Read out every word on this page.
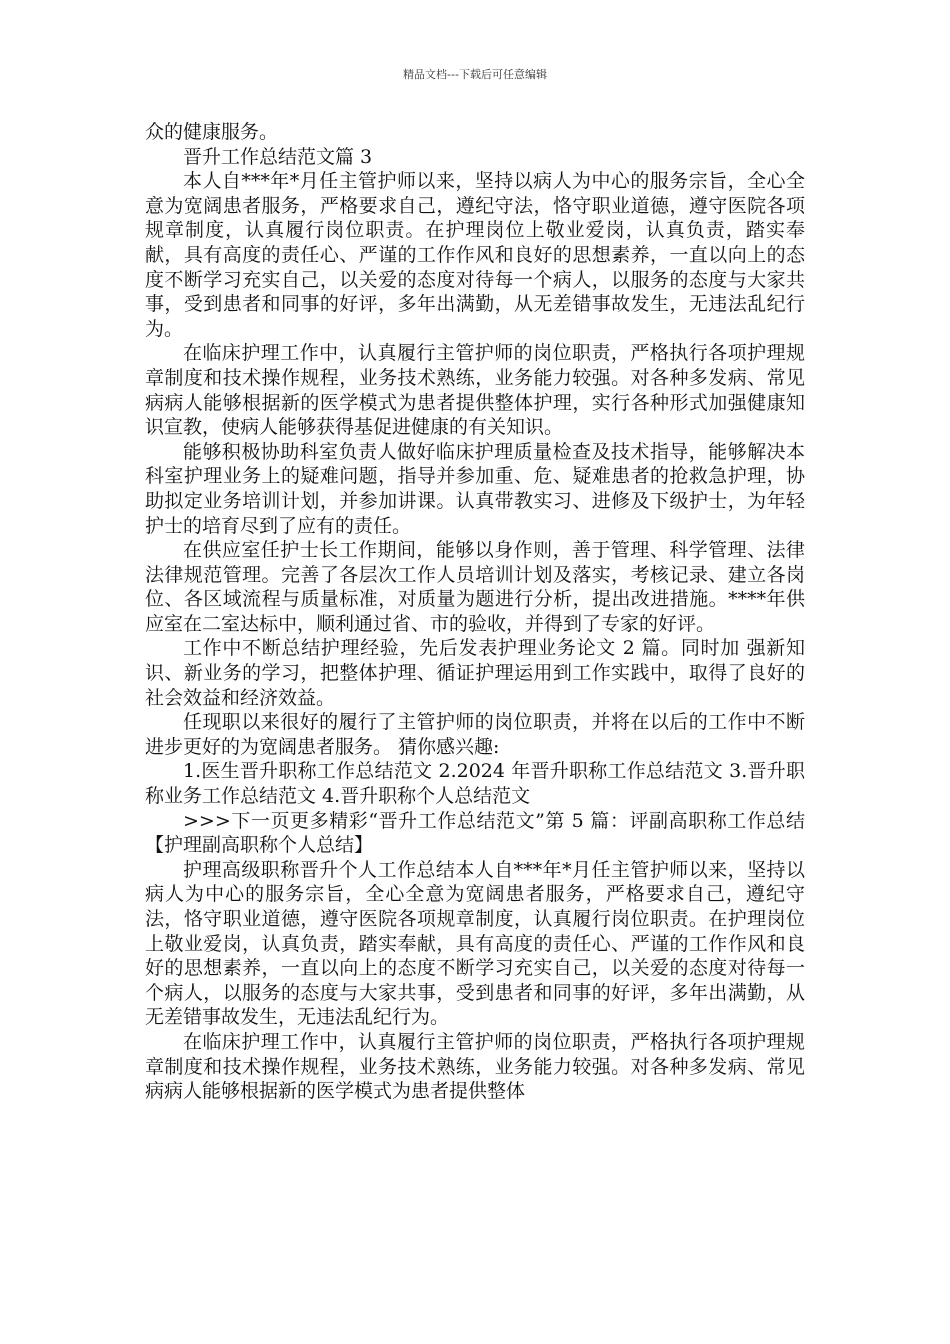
精品文档---下载后可任意编辑

众的健康服务。

晋升工作总结范文篇 3

本人自***年*月任主管护师以来，坚持以病人为中心的服务宗旨，全心全意为宽阔患者服务，严格要求自己，遵纪守法，恪守职业道德，遵守医院各项规章制度，认真履行岗位职责。在护理岗位上敬业爱岗，认真负责，踏实奉献，具有高度的责任心、严谨的工作作风和良好的思想素养，一直以向上的态度不断学习充实自己，以关爱的态度对待每一个病人，以服务的态度与大家共事，受到患者和同事的好评，多年出满勤，从无差错事故发生，无违法乱纪行为。

在临床护理工作中，认真履行主管护师的岗位职责，严格执行各项护理规章制度和技术操作规程，业务技术熟练，业务能力较强。对各种多发病、常见病病人能够根据新的医学模式为患者提供整体护理，实行各种形式加强健康知识宣教，使病人能够获得基促进健康的有关知识。

能够积极协助科室负责人做好临床护理质量检查及技术指导，能够解决本科室护理业务上的疑难问题，指导并参加重、危、疑难患者的抢救急护理，协助拟定业务培训计划，并参加讲课。认真带教实习、进修及下级护士，为年轻护士的培育尽到了应有的责任。

在供应室任护士长工作期间，能够以身作则，善于管理、科学管理、法律法律规范管理。完善了各层次工作人员培训计划及落实，考核记录、建立各岗位、各区域流程与质量标准，对质量为题进行分析，提出改进措施。****年供应室在二室达标中，顺利通过省、市的验收，并得到了专家的好评。

工作中不断总结护理经验，先后发表护理业务论文 2 篇。同时加 强新知识、新业务的学习，把整体护理、循证护理运用到工作实践中，取得了良好的社会效益和经济效益。

任现职以来很好的履行了主管护师的岗位职责，并将在以后的工作中不断进步更好的为宽阔患者服务。 猜你感兴趣:

1.医生晋升职称工作总结范文 2.2024 年晋升职称工作总结范文 3.晋升职称业务工作总结范文 4.晋升职称个人总结范文

>>>下一页更多精彩“晋升工作总结范文”第 5 篇：评副高职称工作总结【护理副高职称个人总结】

护理高级职称晋升个人工作总结本人自***年*月任主管护师以来，坚持以病人为中心的服务宗旨，全心全意为宽阔患者服务，严格要求自己，遵纪守法，恪守职业道德，遵守医院各项规章制度，认真履行岗位职责。在护理岗位上敬业爱岗，认真负责，踏实奉献，具有高度的责任心、严谨的工作作风和良好的思想素养，一直以向上的态度不断学习充实自己，以关爱的态度对待每一个病人，以服务的态度与大家共事，受到患者和同事的好评，多年出满勤，从无差错事故发生，无违法乱纪行为。

在临床护理工作中，认真履行主管护师的岗位职责，严格执行各项护理规章制度和技术操作规程，业务技术熟练，业务能力较强。对各种多发病、常见病病人能够根据新的医学模式为患者提供整体
